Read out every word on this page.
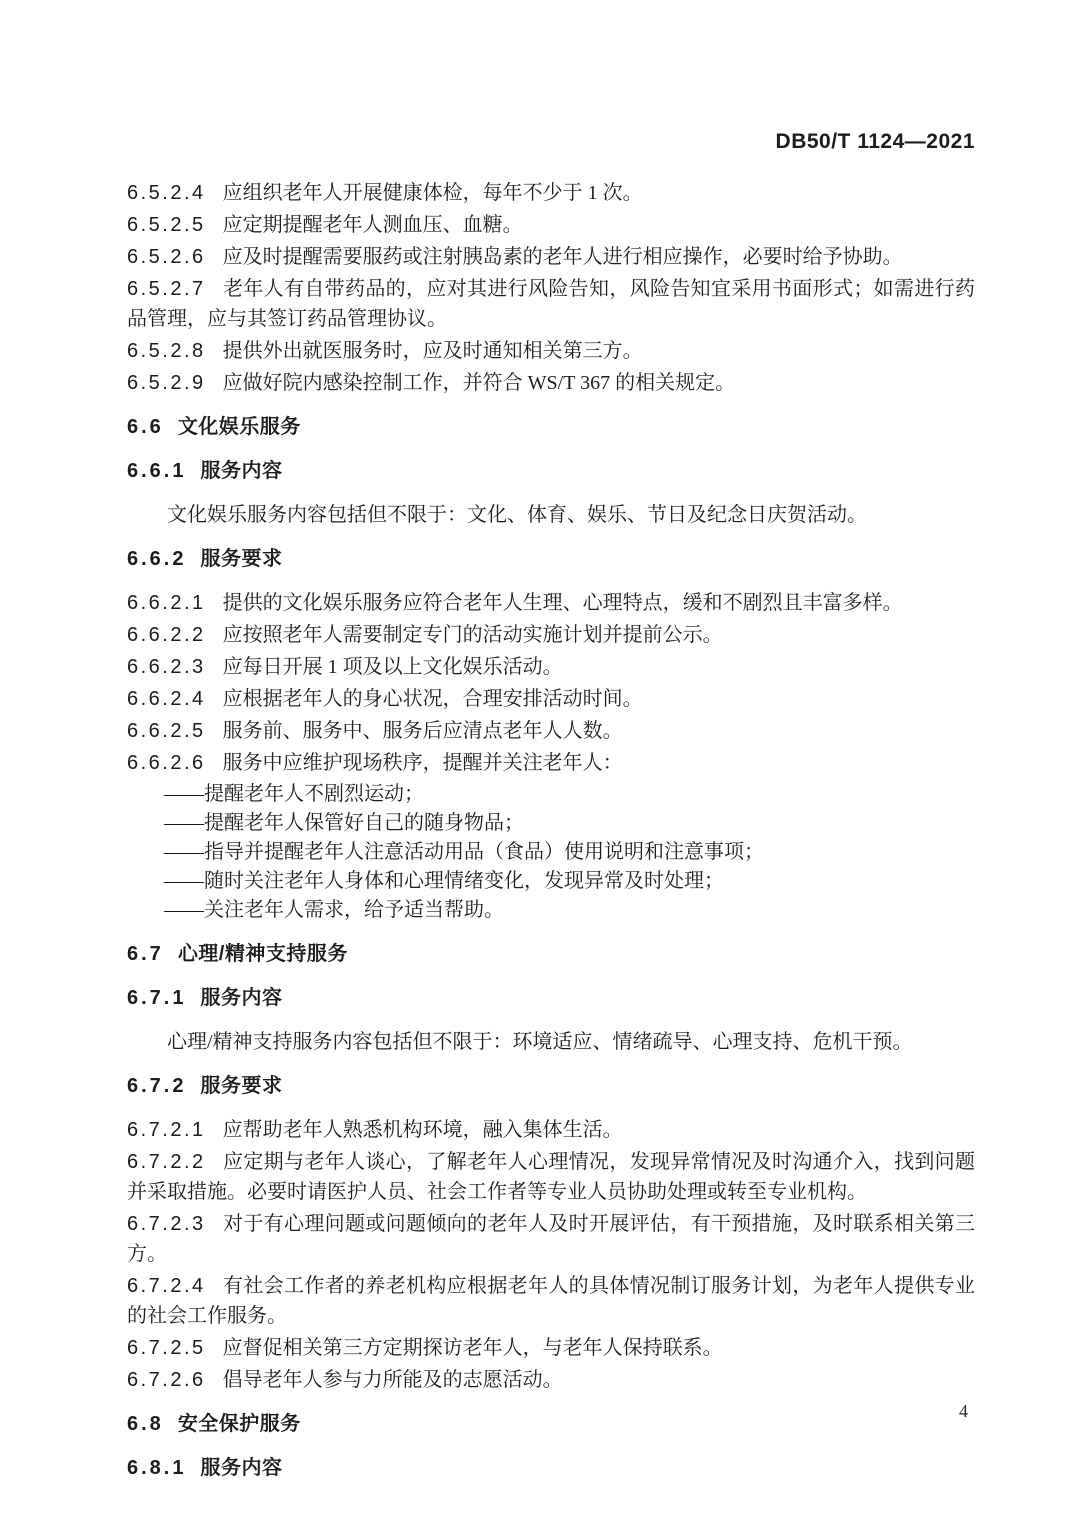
DB50/T 1124—2021

6.5.2.4 应组织老年人开展健康体检，每年不少于 1 次。

6.5.2.5 应定期提醒老年人测血压、血糖。

6.5.2.6 应及时提醒需要服药或注射胰岛素的老年人进行相应操作，必要时给予协助。

6.5.2.7 老年人有自带药品的，应对其进行风险告知，风险告知宜采用书面形式；如需进行药品管理，应与其签订药品管理协议。

6.5.2.8 提供外出就医服务时，应及时通知相关第三方。

6.5.2.9 应做好院内感染控制工作，并符合 WS/T 367 的相关规定。

6.6 文化娱乐服务

6.6.1 服务内容

文化娱乐服务内容包括但不限于：文化、体育、娱乐、节日及纪念日庆贺活动。

6.6.2 服务要求

6.6.2.1 提供的文化娱乐服务应符合老年人生理、心理特点，缓和不剧烈且丰富多样。

6.6.2.2 应按照老年人需要制定专门的活动实施计划并提前公示。

6.6.2.3 应每日开展 1 项及以上文化娱乐活动。

6.6.2.4 应根据老年人的身心状况，合理安排活动时间。

6.6.2.5 服务前、服务中、服务后应清点老年人人数。

6.6.2.6 服务中应维护现场秩序，提醒并关注老年人：

——提醒老年人不剧烈运动；

——提醒老年人保管好自己的随身物品；

——指导并提醒老年人注意活动用品（食品）使用说明和注意事项；

——随时关注老年人身体和心理情绪变化，发现异常及时处理；

——关注老年人需求，给予适当帮助。

6.7 心理/精神支持服务

6.7.1 服务内容

心理/精神支持服务内容包括但不限于：环境适应、情绪疏导、心理支持、危机干预。

6.7.2 服务要求

6.7.2.1 应帮助老年人熟悉机构环境，融入集体生活。

6.7.2.2 应定期与老年人谈心，了解老年人心理情况，发现异常情况及时沟通介入，找到问题并采取措施。必要时请医护人员、社会工作者等专业人员协助处理或转至专业机构。

6.7.2.3 对于有心理问题或问题倾向的老年人及时开展评估，有干预措施，及时联系相关第三方。

6.7.2.4 有社会工作者的养老机构应根据老年人的具体情况制订服务计划，为老年人提供专业的社会工作服务。

6.7.2.5 应督促相关第三方定期探访老年人，与老年人保持联系。

6.7.2.6 倡导老年人参与力所能及的志愿活动。

6.8 安全保护服务

6.8.1 服务内容

4
